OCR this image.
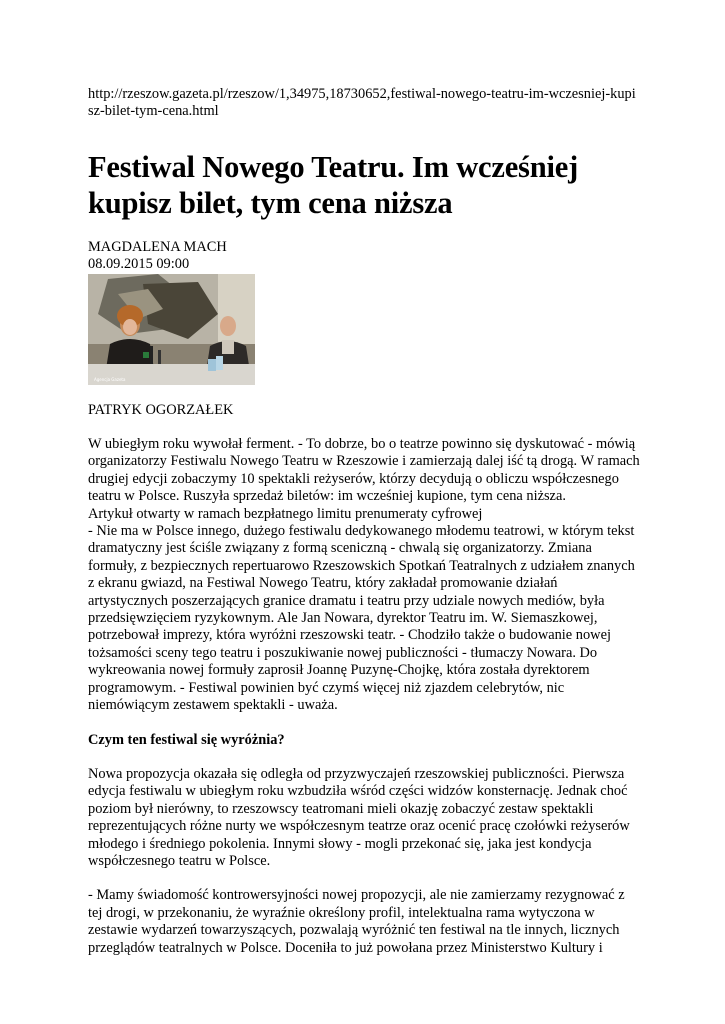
http://rzeszow.gazeta.pl/rzeszow/1,34975,18730652,festiwal-nowego-teatru-im-wczesniej-kupisz-bilet-tym-cena.html
Festiwal Nowego Teatru. Im wcześniej kupisz bilet, tym cena niższa
MAGDALENA MACH
08.09.2015 09:00
Agencja Gazeta
PATRYK OGORZAŁEK

W ubiegłym roku wywołał ferment. - To dobrze, bo o teatrze powinno się dyskutować - mówią organizatorzy Festiwalu Nowego Teatru w Rzeszowie i zamierzają dalej iść tą drogą. W ramach drugiej edycji zobaczymy 10 spektakli reżyserów, którzy decydują o obliczu współczesnego teatru w Polsce. Ruszyła sprzedaż biletów: im wcześniej kupione, tym cena niższa.

Artykuł otwarty w ramach bezpłatnego limitu prenumeraty cyfrowej

- Nie ma w Polsce innego, dużego festiwalu dedykowanego młodemu teatrowi, w którym tekst dramatyczny jest ściśle związany z formą sceniczną - chwalą się organizatorzy. Zmiana formuły, z bezpiecznych repertuarowo Rzeszowskich Spotkań Teatralnych z udziałem znanych z ekranu gwiazd, na Festiwal Nowego Teatru, który zakładał promowanie działań artystycznych poszerzających granice dramatu i teatru przy udziale nowych mediów, była przedsięwzięciem ryzykownym. Ale Jan Nowara, dyrektor Teatru im. W. Siemaszkowej, potrzebował imprezy, która wyróżni rzeszowski teatr. - Chodziło także o budowanie nowej tożsamości sceny tego teatru i poszukiwanie nowej publiczności - tłumaczy Nowara. Do wykreowania nowej formuły zaprosił Joannę Puzynę-Chojkę, która została dyrektorem programowym. - Festiwal powinien być czymś więcej niż zjazdem celebrytów, nic niemówiącym zestawem spektakli - uważa.

Czym ten festiwal się wyróżnia?

Nowa propozycja okazała się odległa od przyzwyczajeń rzeszowskiej publiczności. Pierwsza edycja festiwalu w ubiegłym roku wzbudziła wśród części widzów konsternację. Jednak choć poziom był nierówny, to rzeszowscy teatromani mieli okazję zobaczyć zestaw spektakli reprezentujących różne nurty we współczesnym teatrze oraz ocenić pracę czołówki reżyserów młodego i średniego pokolenia. Innymi słowy - mogli przekonać się, jaka jest kondycja współczesnego teatru w Polsce.

- Mamy świadomość kontrowersyjności nowej propozycji, ale nie zamierzamy rezygnować z tej drogi, w przekonaniu, że wyraźnie określony profil, intelektualna rama wytyczona w zestawie wydarzeń towarzyszących, pozwalają wyróżnić ten festiwal na tle innych, licznych przeglądów teatralnych w Polsce. Doceniła to już powołana przez Ministerstwo Kultury i
